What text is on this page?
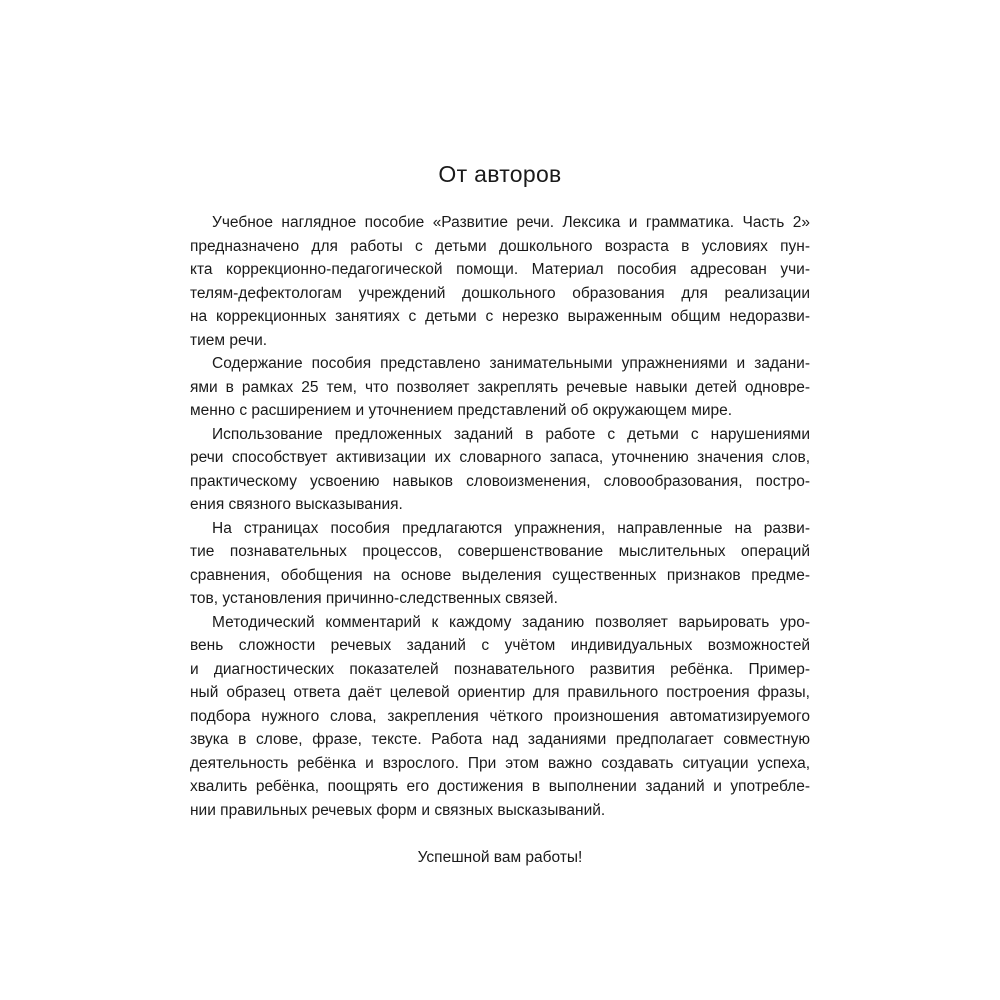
От авторов

Учебное наглядное пособие «Развитие речи. Лексика и грамматика. Часть 2»
предназначено для работы с детьми дошкольного возраста в условиях пун-
кта коррекционно-педагогической помощи. Материал пособия адресован учи-
телям-дефектологам учреждений дошкольного образования для реализации
на коррекционных занятиях с детьми с нерезко выраженным общим недоразви-
тием речи.

Содержание пособия представлено занимательными упражнениями и задани-
ями в рамках 25 тем, что позволяет закреплять речевые навыки детей одновре-
менно с расширением и уточнением представлений об окружающем мире.

Использование предложенных заданий в работе с детьми с нарушениями
речи способствует активизации их словарного запаса, уточнению значения слов,
практическому усвоению навыков словоизменения, словообразования, постро-
ения связного высказывания.

На страницах пособия предлагаются упражнения, направленные на разви-
тие познавательных процессов, совершенствование мыслительных операций
сравнения, обобщения на основе выделения существенных признаков предме-
тов, установления причинно-следственных связей.

Методический комментарий к каждому заданию позволяет варьировать уро-
вень сложности речевых заданий с учётом индивидуальных возможностей
и диагностических показателей познавательного развития ребёнка. Пример-
ный образец ответа даёт целевой ориентир для правильного построения фразы,
подбора нужного слова, закрепления чёткого произношения автоматизируемого
звука в слове, фразе, тексте. Работа над заданиями предполагает совместную
деятельность ребёнка и взрослого. При этом важно создавать ситуации успеха,
хвалить ребёнка, поощрять его достижения в выполнении заданий и употребле-
нии правильных речевых форм и связных высказываний.

Успешной вам работы!
